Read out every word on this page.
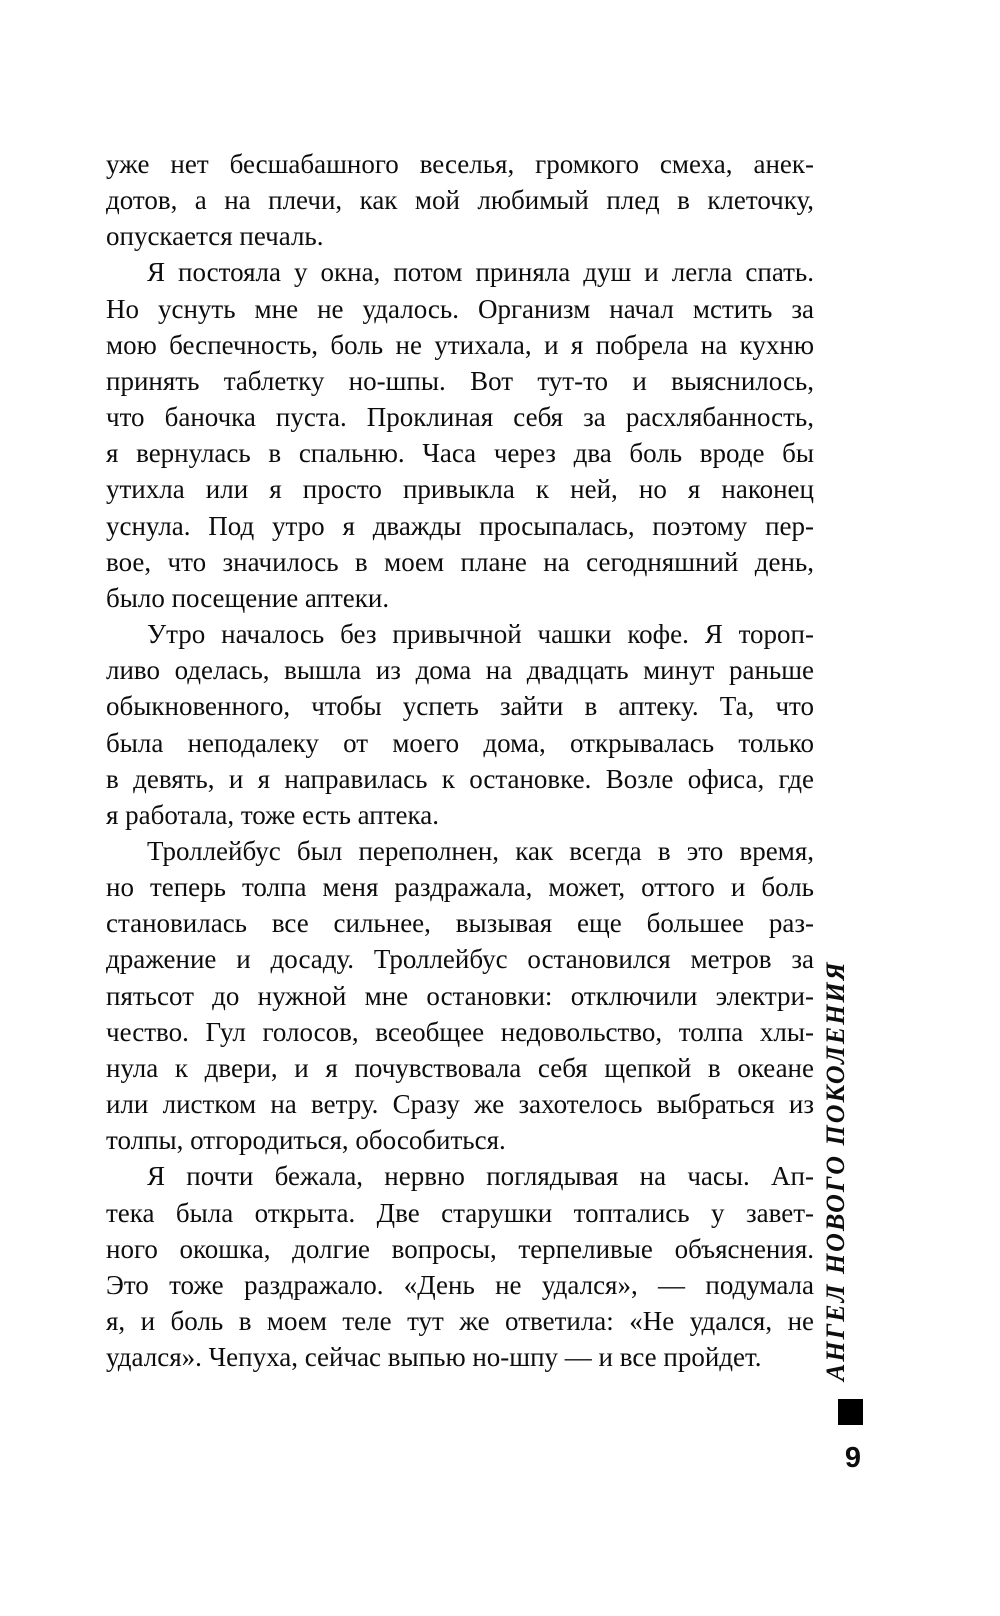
уже нет бесшабашного веселья, громкого смеха, анек-
дотов, а на плечи, как мой любимый плед в клеточку,
опускается печаль.
Я постояла у окна, потом приняла душ и легла спать.
Но уснуть мне не удалось. Организм начал мстить за
мою беспечность, боль не утихала, и я побрела на кухню
принять таблетку но-шпы. Вот тут-то и выяснилось,
что баночка пуста. Проклиная себя за расхлябанность,
я вернулась в спальню. Часа через два боль вроде бы
утихла или я просто привыкла к ней, но я наконец
уснула. Под утро я дважды просыпалась, поэтому пер-
вое, что значилось в моем плане на сегодняшний день,
было посещение аптеки.
Утро началось без привычной чашки кофе. Я тороп-
ливо оделась, вышла из дома на двадцать минут раньше
обыкновенного, чтобы успеть зайти в аптеку. Та, что
была неподалеку от моего дома, открывалась только
в девять, и я направилась к остановке. Возле офиса, где
я работала, тоже есть аптека.
Троллейбус был переполнен, как всегда в это время,
но теперь толпа меня раздражала, может, оттого и боль
становилась все сильнее, вызывая еще большее раз-
дражение и досаду. Троллейбус остановился метров за
пятьсот до нужной мне остановки: отключили электри-
чество. Гул голосов, всеобщее недовольство, толпа хлы-
нула к двери, и я почувствовала себя щепкой в океане
или листком на ветру. Сразу же захотелось выбраться из
толпы, отгородиться, обособиться.
Я почти бежала, нервно поглядывая на часы. Ап-
тека была открыта. Две старушки топтались у завет-
ного окошка, долгие вопросы, терпеливые объяснения.
Это тоже раздражало. «День не удался», — подумала
я, и боль в моем теле тут же ответила: «Не удался, не
удался». Чепуха, сейчас выпью но-шпу — и все пройдет.	АНГЕЛ НОВОГО ПОКОЛЕНИЯ
9
